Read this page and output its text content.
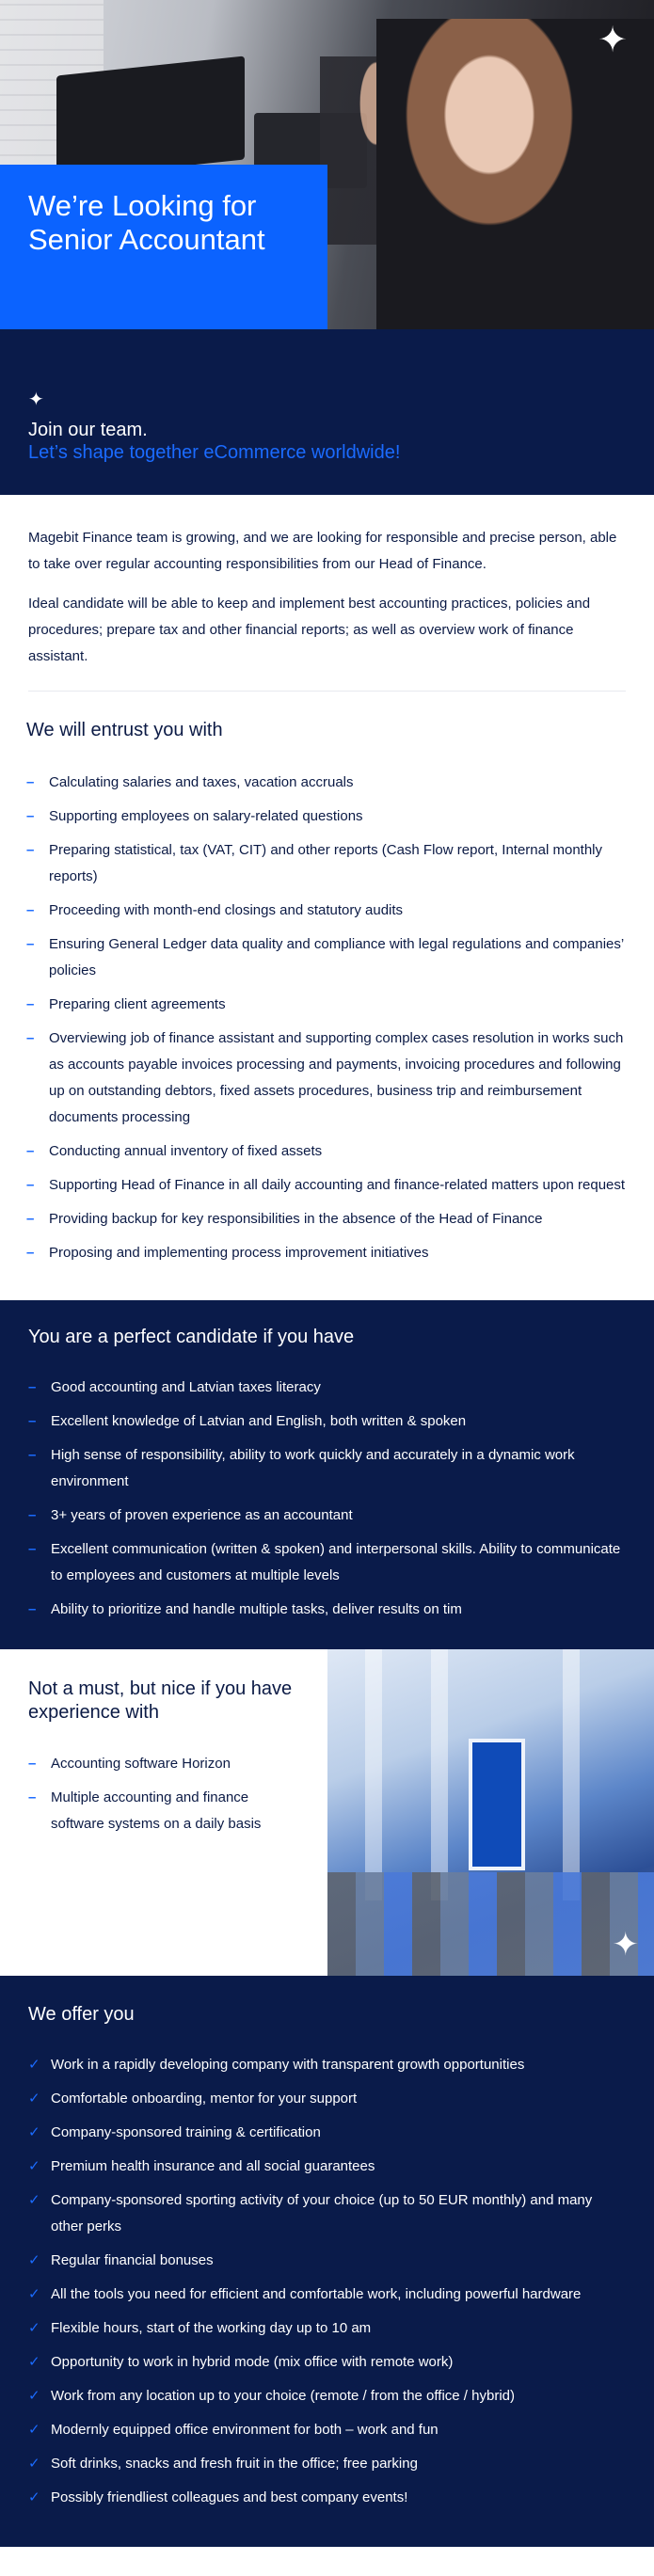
✦
We’re Looking for
Senior Accountant
✦
Join our team.
Let’s shape together eCommerce worldwide!

Magebit Finance team is growing, and we are looking for responsible and precise person, able to take over regular accounting responsibilities from our Head of Finance.

Ideal candidate will be able to keep and implement best accounting practices, policies and procedures; prepare tax and other financial reports; as well as overview work of finance assistant.

We will entrust you with
– Calculating salaries and taxes, vacation accruals
– Supporting employees on salary-related questions
– Preparing statistical, tax (VAT, CIT) and other reports (Cash Flow report, Internal monthly reports)
– Proceeding with month-end closings and statutory audits
– Ensuring General Ledger data quality and compliance with legal regulations and companies’ policies
– Preparing client agreements
– Overviewing job of finance assistant and supporting complex cases resolution in works such as accounts payable invoices processing and payments, invoicing procedures and following up on outstanding debtors, fixed assets procedures, business trip and reimbursement documents processing
– Conducting annual inventory of fixed assets
– Supporting Head of Finance in all daily accounting and finance-related matters upon request
– Providing backup for key responsibilities in the absence of the Head of Finance
– Proposing and implementing process improvement initiatives
You are a perfect candidate if you have
– Good accounting and Latvian taxes literacy
– Excellent knowledge of Latvian and English, both written & spoken
– High sense of responsibility, ability to work quickly and accurately in a dynamic work environment
– 3+ years of proven experience as an accountant
– Excellent communication (written & spoken) and interpersonal skills. Ability to communicate to employees and customers at multiple levels
– Ability to prioritize and handle multiple tasks, deliver results on tim
Not a must, but nice if you have experience with
– Accounting software Horizon
– Multiple accounting and finance software systems on a daily basis
✦
We offer you
✓ Work in a rapidly developing company with transparent growth opportunities
✓ Comfortable onboarding, mentor for your support
✓ Company-sponsored training & certification
✓ Premium health insurance and all social guarantees
✓ Company-sponsored sporting activity of your choice (up to 50 EUR monthly) and many other perks
✓ Regular financial bonuses
✓ All the tools you need for efficient and comfortable work, including powerful hardware
✓ Flexible hours, start of the working day up to 10 am
✓ Opportunity to work in hybrid mode (mix office with remote work)
✓ Work from any location up to your choice (remote / from the office / hybrid)
✓ Modernly equipped office environment for both – work and fun
✓ Soft drinks, snacks and fresh fruit in the office; free parking
✓ Possibly friendliest colleagues and best company events!
